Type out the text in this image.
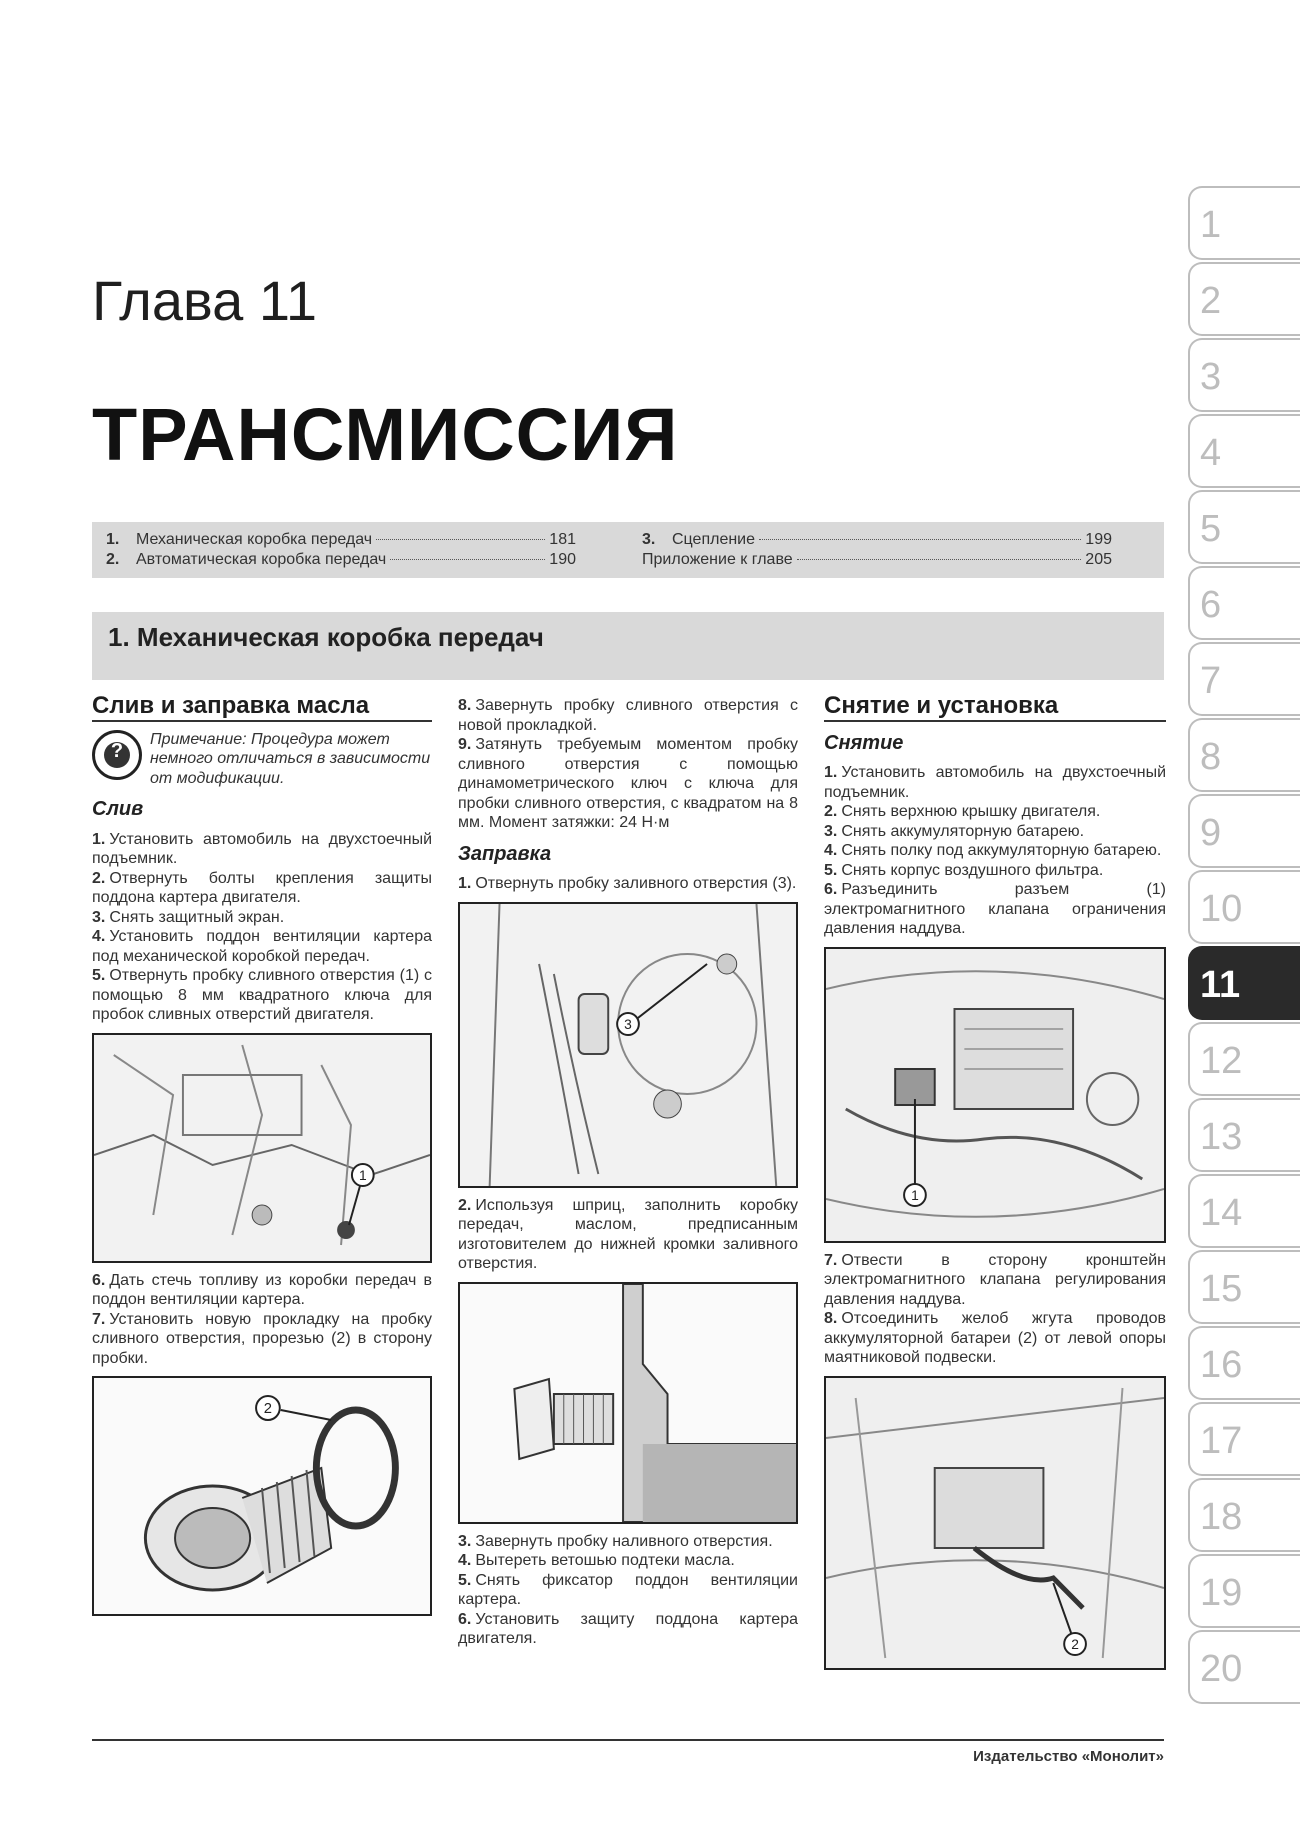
Глава 11
ТРАНСМИССИЯ
1.	Механическая коробка передач	181
2.	Автоматическая коробка передач	190
3.	Сцепление	199
Приложение к главе	205
1. Механическая коробка передач
Слив и заправка масла
?
Примечание: Процедура может немного отличаться в зависимости от модификации.
Слив

1. Установить автомобиль на двухстоечный подъемник.

2. Отвернуть болты крепления защиты поддона картера двигателя.

3. Снять защитный экран.

4. Установить поддон вентиляции картера под механической коробкой передач.

5. Отвернуть пробку сливного отверстия (1) с помощью 8 мм квадратного ключа для пробок сливных отверстий двигателя.

1

6. Дать стечь топливу из коробки передач в поддон вентиляции картера.

7. Установить новую прокладку на пробку сливного отверстия, прорезью (2) в сторону пробки.

2

8. Завернуть пробку сливного отверстия с новой прокладкой.

9. Затянуть требуемым моментом пробку сливного отверстия с помощью динамометрического ключ с ключа для пробки сливного отверстия, с квадратом на 8 мм. Момент затяжки: 24 Н·м

Заправка

1. Отвернуть пробку заливного отверстия (3).

3

2. Используя шприц, заполнить коробку передач, маслом, предписанным изготовителем до нижней кромки заливного отверстия.

3. Завернуть пробку наливного отверстия.

4. Вытереть ветошью подтеки масла.

5. Снять фиксатор поддон вентиляции картера.

6. Установить защиту поддона картера двигателя.

Снятие и установка
Снятие

1. Установить автомобиль на двухстоечный подъемник.

2. Снять верхнюю крышку двигателя.

3. Снять аккумуляторную батарею.

4. Снять полку под аккумуляторную батарею.

5. Снять корпус воздушного фильтра.

6. Разъединить разъем (1) электромагнитного клапана ограничения давления наддува.

1

7. Отвести в сторону кронштейн электромагнитного клапана регулирования давления наддува.

8. Отсоединить желоб жгута проводов аккумуляторной батареи (2) от левой опоры маятниковой подвески.

2
1
2
3
4
5
6
7
8
9
10
11
12
13
14
15
16
17
18
19
20
Издательство «Монолит»
